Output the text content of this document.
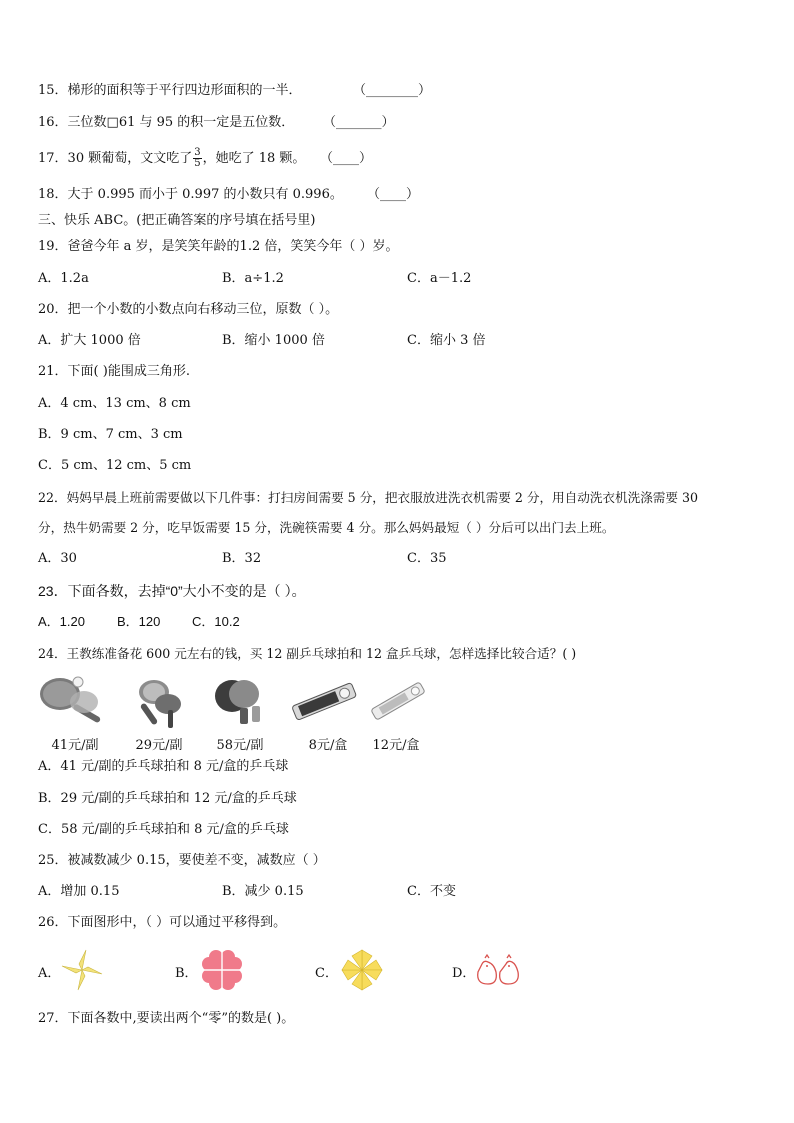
15．梯形的面积等于平行四边形面积的一半．	（________）
16．三位数□61 与 95 的积一定是五位数． （_______）
17．30 颗葡萄，文文吃了 $\frac{3}{5}$ ，她吃了 18 颗。 （____）
18．大于 0.995 而小于 0.997 的小数只有 0.996。 （____）
三、快乐 ABC。(把正确答案的序号填在括号里)
19．爸爸今年 a 岁，是笑笑年龄的1.2 倍，笑笑今年（ ）岁。
A．1.2a	B．a÷1.2	C．a－1.2
20．把一个小数的小数点向右移动三位，原数（ ）。
A．扩大 1000 倍	B．缩小 1000 倍	C．缩小 3 倍
21．下面( )能围成三角形.
A．4 cm、13 cm、8 cm
B．9 cm、7 cm、3 cm
C．5 cm、12 cm、5 cm
22．妈妈早晨上班前需要做以下几件事：打扫房间需要 5 分，把衣服放进洗衣机需要 2 分，用自动洗衣机洗涤需要 30
分，热牛奶需要 2 分，吃早饭需要 15 分，洗碗筷需要 4 分。那么妈妈最短（ ）分后可以出门去上班。
A．30	B．32	C．35
23．下面各数，去掉“0”大小不变的是（ ）。
A．1.20 B．120 C．10.2
24．王教练准备花 600 元左右的钱，买 12 副乒乓球拍和 12 盒乒乓球，怎样选择比较合适？( )
41元/副	29元/副	58元/副	8元/盒	12元/盒
A．41 元/副的乒乓球拍和 8 元/盒的乒乓球
B．29 元/副的乒乓球拍和 12 元/盒的乒乓球
C．58 元/副的乒乓球拍和 8 元/盒的乒乓球
25．被减数减少 0.15，要使差不变，减数应（ ）
A．增加 0.15	B．减少 0.15	C．不变
26．下面图形中，（ ）可以通过平移得到。
A．	B．	C．	D．
27．下面各数中,要读出两个“零”的数是( )。
